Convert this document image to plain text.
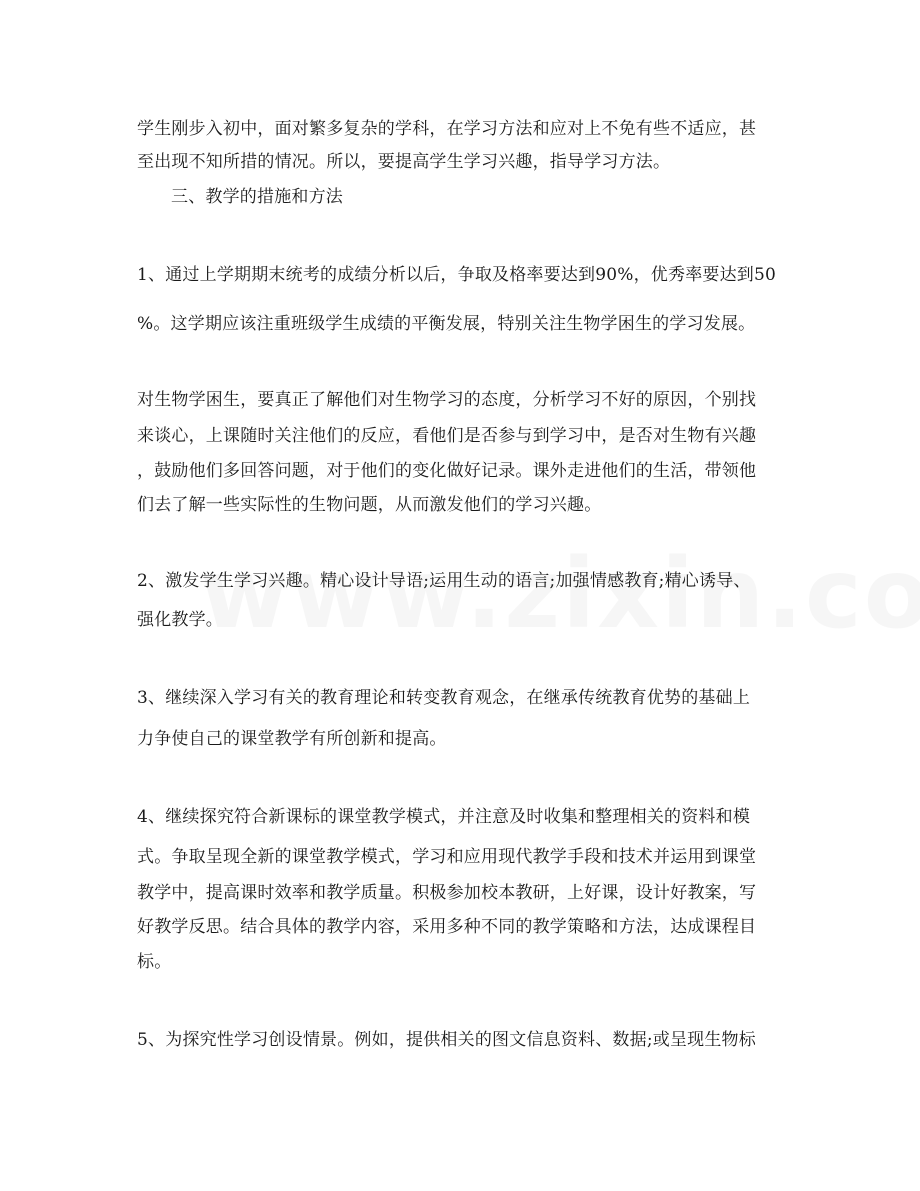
学生刚步入初中，面对繁多复杂的学科，在学习方法和应对上不免有些不适应，甚
至出现不知所措的情况。所以，要提高学生学习兴趣，指导学习方法。
三、教学的措施和方法
1、通过上学期期末统考的成绩分析以后，争取及格率要达到90%，优秀率要达到50
%。这学期应该注重班级学生成绩的平衡发展，特别关注生物学困生的学习发展。
对生物学困生，要真正了解他们对生物学习的态度，分析学习不好的原因，个别找
来谈心，上课随时关注他们的反应，看他们是否参与到学习中，是否对生物有兴趣
，鼓励他们多回答问题，对于他们的变化做好记录。课外走进他们的生活，带领他
们去了解一些实际性的生物问题，从而激发他们的学习兴趣。
2、激发学生学习兴趣。精心设计导语;运用生动的语言;加强情感教育;精心诱导、
强化教学。
3、继续深入学习有关的教育理论和转变教育观念，在继承传统教育优势的基础上
力争使自己的课堂教学有所创新和提高。
4、继续探究符合新课标的课堂教学模式，并注意及时收集和整理相关的资料和模
式。争取呈现全新的课堂教学模式，学习和应用现代教学手段和技术并运用到课堂
教学中，提高课时效率和教学质量。积极参加校本教研，上好课，设计好教案，写
好教学反思。结合具体的教学内容，采用多种不同的教学策略和方法，达成课程目
标。
5、为探究性学习创设情景。例如，提供相关的图文信息资料、数据;或呈现生物标
